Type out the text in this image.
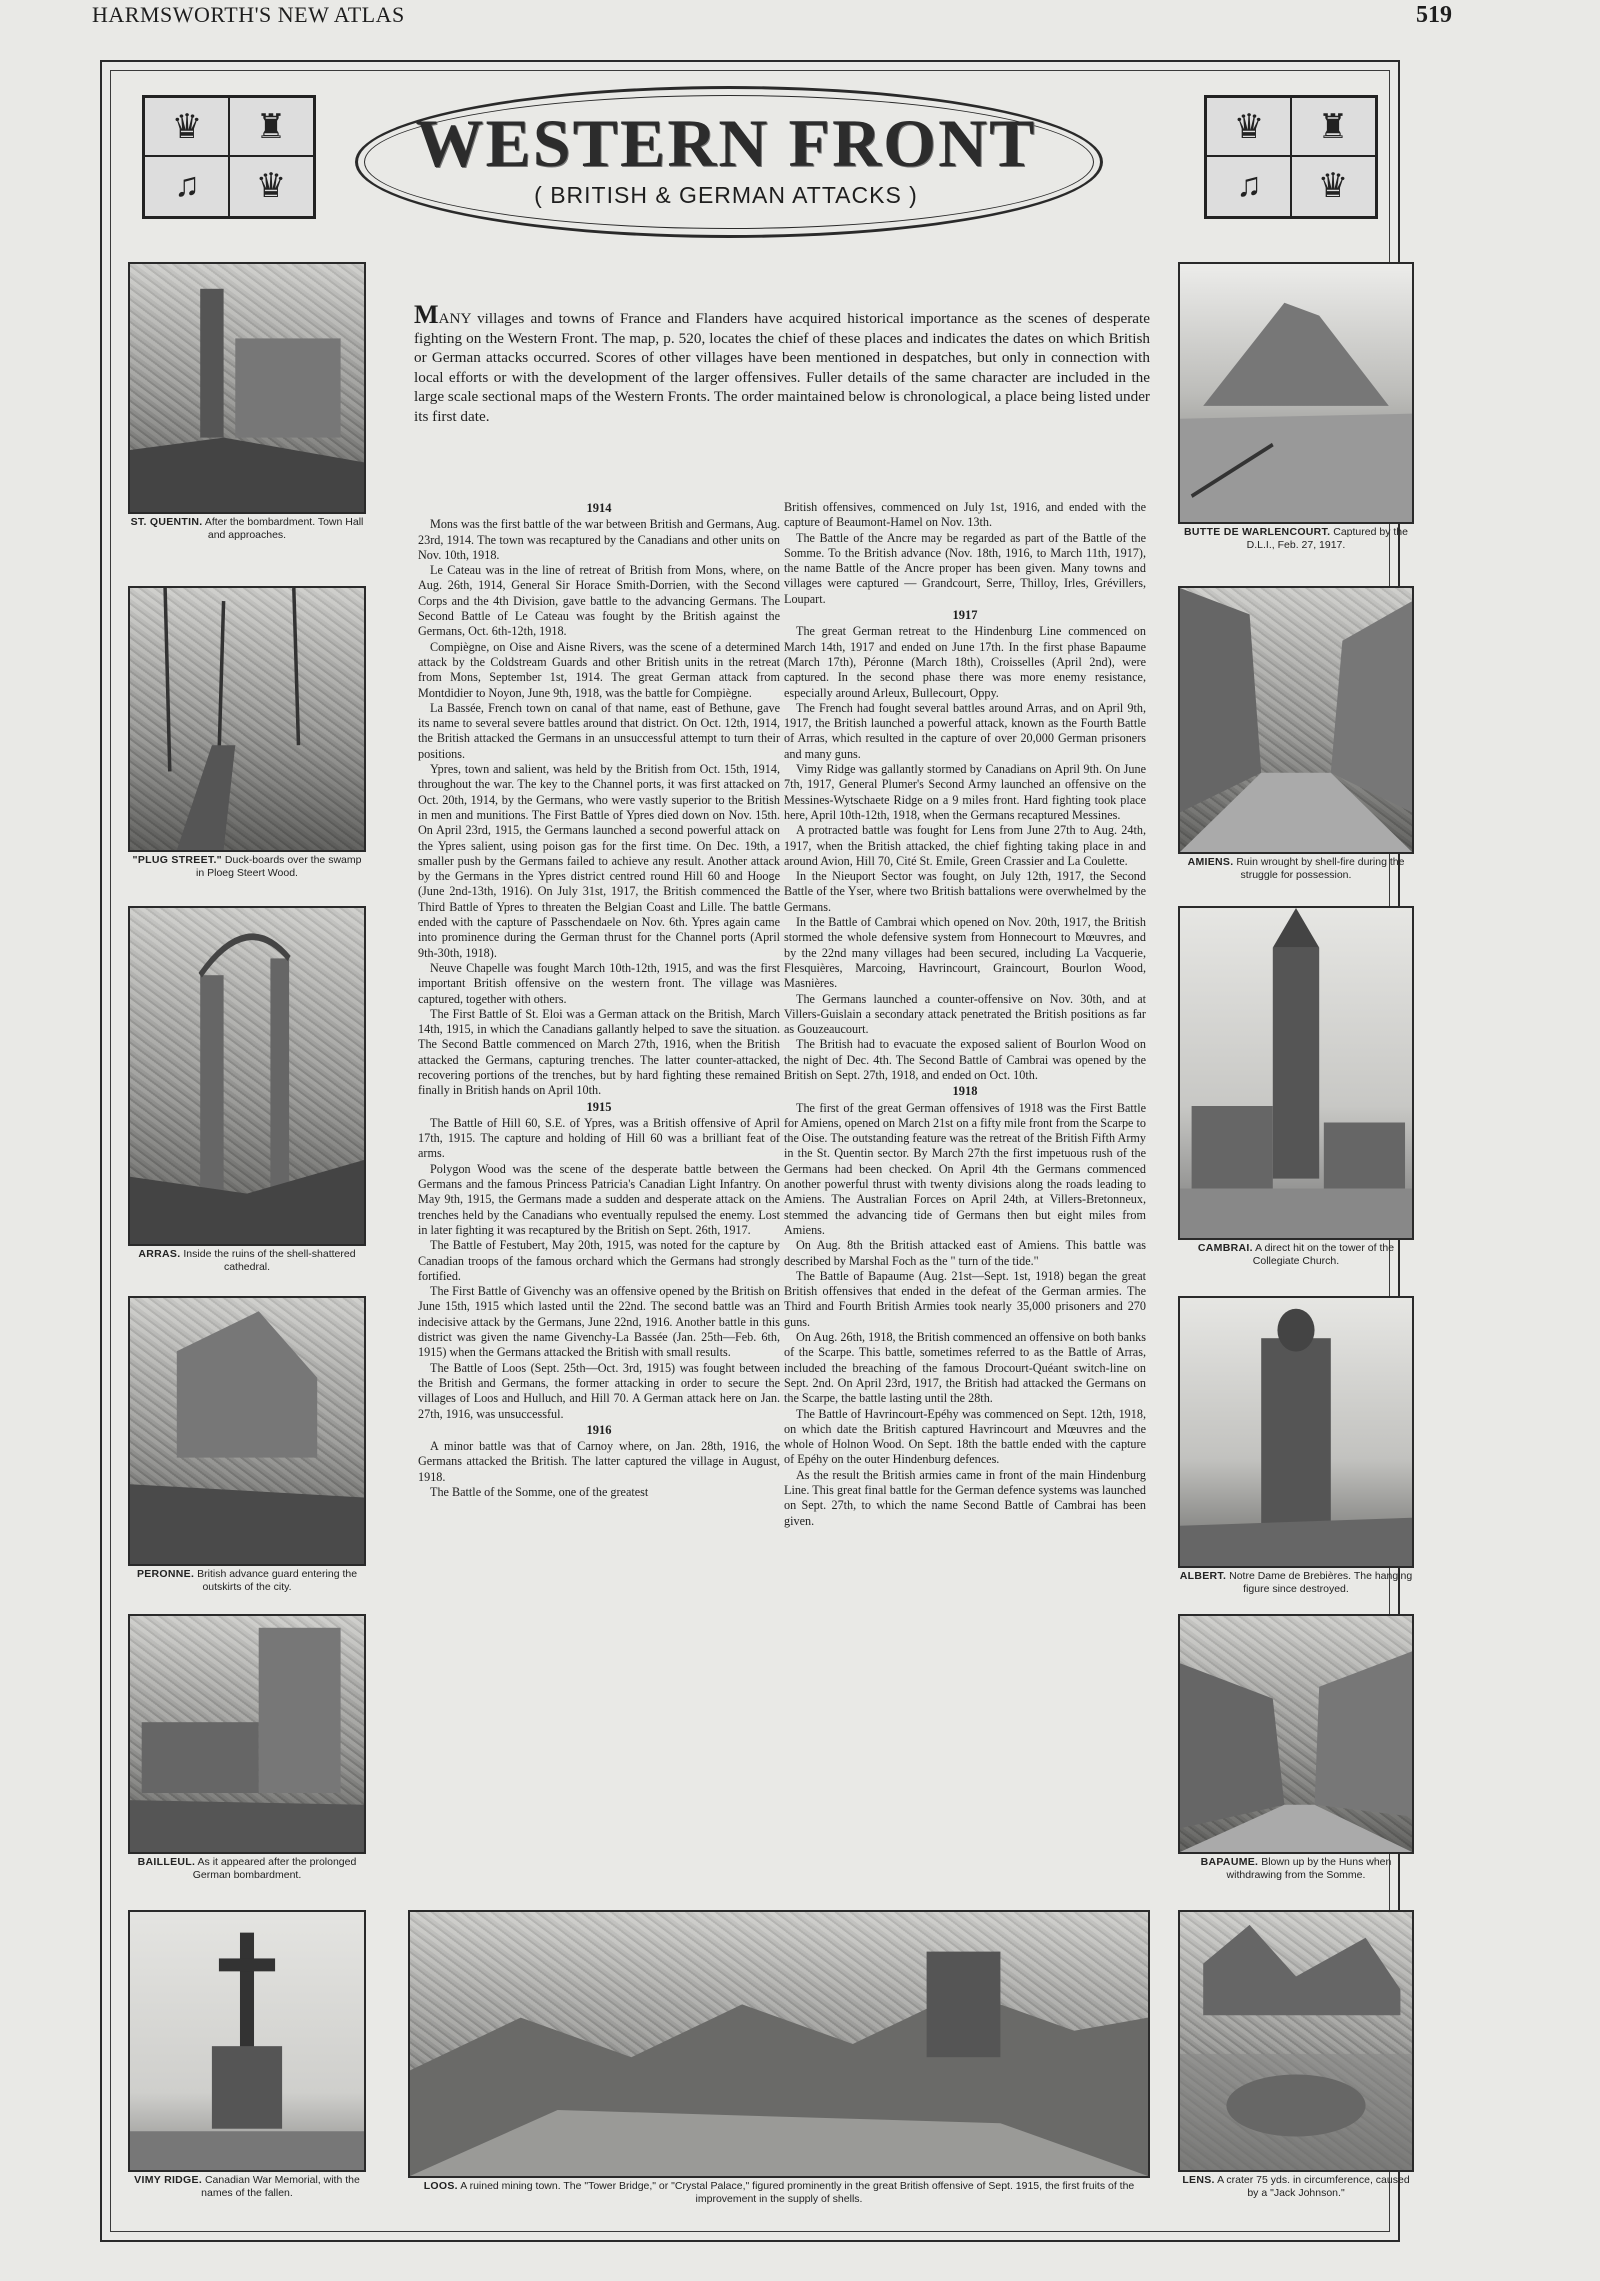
HARMSWORTH'S NEW ATLAS	519
♛	♜
♫	♛
♛	♜
♫	♛
WESTERN FRONT
( BRITISH & GERMAN ATTACKS )
MANY villages and towns of France and Flanders have acquired historical importance as the scenes of desperate fighting on the Western Front. The map, p. 520, locates the chief of these places and indicates the dates on which British or German attacks occurred. Scores of other villages have been mentioned in despatches, but only in connection with local efforts or with the development of the larger offensives. Fuller details of the same character are included in the large scale sectional maps of the Western Fronts. The order maintained below is chronological, a place being listed under its first date.

1914

Mons was the first battle of the war between British and Germans, Aug. 23rd, 1914. The town was recaptured by the Canadians and other units on Nov. 10th, 1918.

Le Cateau was in the line of retreat of British from Mons, where, on Aug. 26th, 1914, General Sir Horace Smith-Dorrien, with the Second Corps and the 4th Division, gave battle to the advancing Germans. The Second Battle of Le Cateau was fought by the British against the Germans, Oct. 6th-12th, 1918.

Compiègne, on Oise and Aisne Rivers, was the scene of a determined attack by the Coldstream Guards and other British units in the retreat from Mons, September 1st, 1914. The great German attack from Montdidier to Noyon, June 9th, 1918, was the battle for Compiègne.

La Bassée, French town on canal of that name, east of Bethune, gave its name to several severe battles around that district. On Oct. 12th, 1914, the British attacked the Germans in an unsuccessful attempt to turn their positions.

Ypres, town and salient, was held by the British from Oct. 15th, 1914, throughout the war. The key to the Channel ports, it was first attacked on Oct. 20th, 1914, by the Germans, who were vastly superior to the British in men and munitions. The First Battle of Ypres died down on Nov. 15th. On April 23rd, 1915, the Germans launched a second powerful attack on the Ypres salient, using poison gas for the first time. On Dec. 19th, a smaller push by the Germans failed to achieve any result. Another attack by the Germans in the Ypres district centred round Hill 60 and Hooge (June 2nd-13th, 1916). On July 31st, 1917, the British commenced the Third Battle of Ypres to threaten the Belgian Coast and Lille. The battle ended with the capture of Passchendaele on Nov. 6th. Ypres again came into prominence during the German thrust for the Channel ports (April 9th-30th, 1918).

Neuve Chapelle was fought March 10th-12th, 1915, and was the first important British offensive on the western front. The village was captured, together with others.

The First Battle of St. Eloi was a German attack on the British, March 14th, 1915, in which the Canadians gallantly helped to save the situation. The Second Battle commenced on March 27th, 1916, when the British attacked the Germans, capturing trenches. The latter counter-attacked, recovering portions of the trenches, but by hard fighting these remained finally in British hands on April 10th.

1915

The Battle of Hill 60, S.E. of Ypres, was a British offensive of April 17th, 1915. The capture and holding of Hill 60 was a brilliant feat of arms.

Polygon Wood was the scene of the desperate battle between the Germans and the famous Princess Patricia's Canadian Light Infantry. On May 9th, 1915, the Germans made a sudden and desperate attack on the trenches held by the Canadians who eventually repulsed the enemy. Lost in later fighting it was recaptured by the British on Sept. 26th, 1917.

The Battle of Festubert, May 20th, 1915, was noted for the capture by Canadian troops of the famous orchard which the Germans had strongly fortified.

The First Battle of Givenchy was an offensive opened by the British on June 15th, 1915 which lasted until the 22nd. The second battle was an indecisive attack by the Germans, June 22nd, 1916. Another battle in this district was given the name Givenchy-La Bassée (Jan. 25th—Feb. 6th, 1915) when the Germans attacked the British with small results.

The Battle of Loos (Sept. 25th—Oct. 3rd, 1915) was fought between the British and Germans, the former attacking in order to secure the villages of Loos and Hulluch, and Hill 70. A German attack here on Jan. 27th, 1916, was unsuccessful.

1916

A minor battle was that of Carnoy where, on Jan. 28th, 1916, the Germans attacked the British. The latter captured the village in August, 1918.

The Battle of the Somme, one of the greatest

British offensives, commenced on July 1st, 1916, and ended with the capture of Beaumont-Hamel on Nov. 13th.

The Battle of the Ancre may be regarded as part of the Battle of the Somme. To the British advance (Nov. 18th, 1916, to March 11th, 1917), the name Battle of the Ancre proper has been given. Many towns and villages were captured — Grandcourt, Serre, Thilloy, Irles, Grévillers, Loupart.

1917

The great German retreat to the Hindenburg Line commenced on March 14th, 1917 and ended on June 17th. In the first phase Bapaume (March 17th), Péronne (March 18th), Croisselles (April 2nd), were captured. In the second phase there was more enemy resistance, especially around Arleux, Bullecourt, Oppy.

The French had fought several battles around Arras, and on April 9th, 1917, the British launched a powerful attack, known as the Fourth Battle of Arras, which resulted in the capture of over 20,000 German prisoners and many guns.

Vimy Ridge was gallantly stormed by Canadians on April 9th. On June 7th, 1917, General Plumer's Second Army launched an offensive on the Messines-Wytschaete Ridge on a 9 miles front. Hard fighting took place here, April 10th-12th, 1918, when the Germans recaptured Messines.

A protracted battle was fought for Lens from June 27th to Aug. 24th, 1917, when the British attacked, the chief fighting taking place in and around Avion, Hill 70, Cité St. Emile, Green Crassier and La Coulette.

In the Nieuport Sector was fought, on July 12th, 1917, the Second Battle of the Yser, where two British battalions were overwhelmed by the Germans.

In the Battle of Cambrai which opened on Nov. 20th, 1917, the British stormed the whole defensive system from Honnecourt to Mœuvres, and by the 22nd many villages had been secured, including La Vacquerie, Flesquières, Marcoing, Havrincourt, Graincourt, Bourlon Wood, Masnières.

The Germans launched a counter-offensive on Nov. 30th, and at Villers-Guislain a secondary attack penetrated the British positions as far as Gouzeaucourt.

The British had to evacuate the exposed salient of Bourlon Wood on the night of Dec. 4th. The Second Battle of Cambrai was opened by the British on Sept. 27th, 1918, and ended on Oct. 10th.

1918

The first of the great German offensives of 1918 was the First Battle for Amiens, opened on March 21st on a fifty mile front from the Scarpe to the Oise. The outstanding feature was the retreat of the British Fifth Army in the St. Quentin sector. By March 27th the first impetuous rush of the Germans had been checked. On April 4th the Germans commenced another powerful thrust with twenty divisions along the roads leading to Amiens. The Australian Forces on April 24th, at Villers-Bretonneux, stemmed the advancing tide of Germans then but eight miles from Amiens.

On Aug. 8th the British attacked east of Amiens. This battle was described by Marshal Foch as the " turn of the tide."

The Battle of Bapaume (Aug. 21st—Sept. 1st, 1918) began the great British offensives that ended in the defeat of the German armies. The Third and Fourth British Armies took nearly 35,000 prisoners and 270 guns.

On Aug. 26th, 1918, the British commenced an offensive on both banks of the Scarpe. This battle, sometimes referred to as the Battle of Arras, included the breaching of the famous Drocourt-Quéant switch-line on Sept. 2nd. On April 23rd, 1917, the British had attacked the Germans on the Scarpe, the battle lasting until the 28th.

The Battle of Havrincourt-Epéhy was commenced on Sept. 12th, 1918, on which date the British captured Havrincourt and Mœuvres and the whole of Holnon Wood. On Sept. 18th the battle ended with the capture of Epéhy on the outer Hindenburg defences.

As the result the British armies came in front of the main Hindenburg Line. This great final battle for the German defence systems was launched on Sept. 27th, to which the name Second Battle of Cambrai has been given.

ST. QUENTIN. After the bombardment. Town Hall and approaches.
"PLUG STREET." Duck-boards over the swamp in Ploeg Steert Wood.
ARRAS. Inside the ruins of the shell-shattered cathedral.
PERONNE. British advance guard entering the outskirts of the city.
BAILLEUL. As it appeared after the prolonged German bombardment.
VIMY RIDGE. Canadian War Memorial, with the names of the fallen.
LOOS. A ruined mining town. The "Tower Bridge," or "Crystal Palace," figured prominently in the great British offensive of Sept. 1915, the first fruits of the improvement in the supply of shells.
BUTTE DE WARLENCOURT. Captured by the D.L.I., Feb. 27, 1917.
AMIENS. Ruin wrought by shell-fire during the struggle for possession.
CAMBRAI. A direct hit on the tower of the Collegiate Church.
ALBERT. Notre Dame de Brebières. The hanging figure since destroyed.
BAPAUME. Blown up by the Huns when withdrawing from the Somme.
LENS. A crater 75 yds. in circumference, caused by a "Jack Johnson."
